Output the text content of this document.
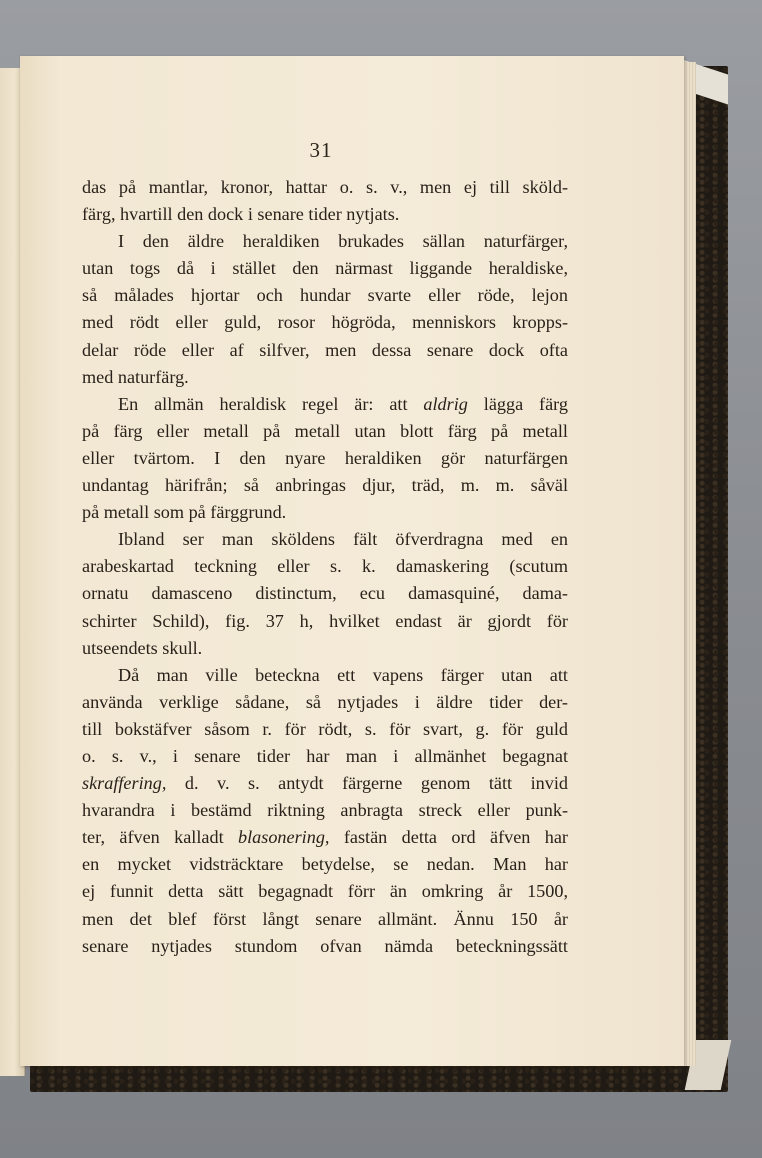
31
das på mantlar, kronor, hattar o. s. v., men ej till sköld-
färg, hvartill den dock i senare tider nytjats.
I den äldre heraldiken brukades sällan naturfärger,
utan togs då i stället den närmast liggande heraldiske,
så målades hjortar och hundar svarte eller röde, lejon
med rödt eller guld, rosor högröda, menniskors kropps-
delar röde eller af silfver, men dessa senare dock ofta
med naturfärg.
En allmän heraldisk regel är: att aldrig lägga färg
på färg eller metall på metall utan blott färg på metall
eller tvärtom. I den nyare heraldiken gör naturfärgen
undantag härifrån; så anbringas djur, träd, m. m. såväl
på metall som på färggrund.
Ibland ser man sköldens fält öfverdragna med en
arabeskartad teckning eller s. k. damaskering (scutum
ornatu damasceno distinctum, ecu damasquiné, dama-
schirter Schild), fig. 37 h, hvilket endast är gjordt för
utseendets skull.
Då man ville beteckna ett vapens färger utan att
använda verklige sådane, så nytjades i äldre tider der-
till bokstäfver såsom r. för rödt, s. för svart, g. för guld
o. s. v., i senare tider har man i allmänhet begagnat
skraffering, d. v. s. antydt färgerne genom tätt invid
hvarandra i bestämd riktning anbragta streck eller punk-
ter, äfven kalladt blasonering, fastän detta ord äfven har
en mycket vidsträcktare betydelse, se nedan. Man har
ej funnit detta sätt begagnadt förr än omkring år 1500,
men det blef först långt senare allmänt. Ännu 150 år
senare nytjades stundom ofvan nämda beteckningssätt
